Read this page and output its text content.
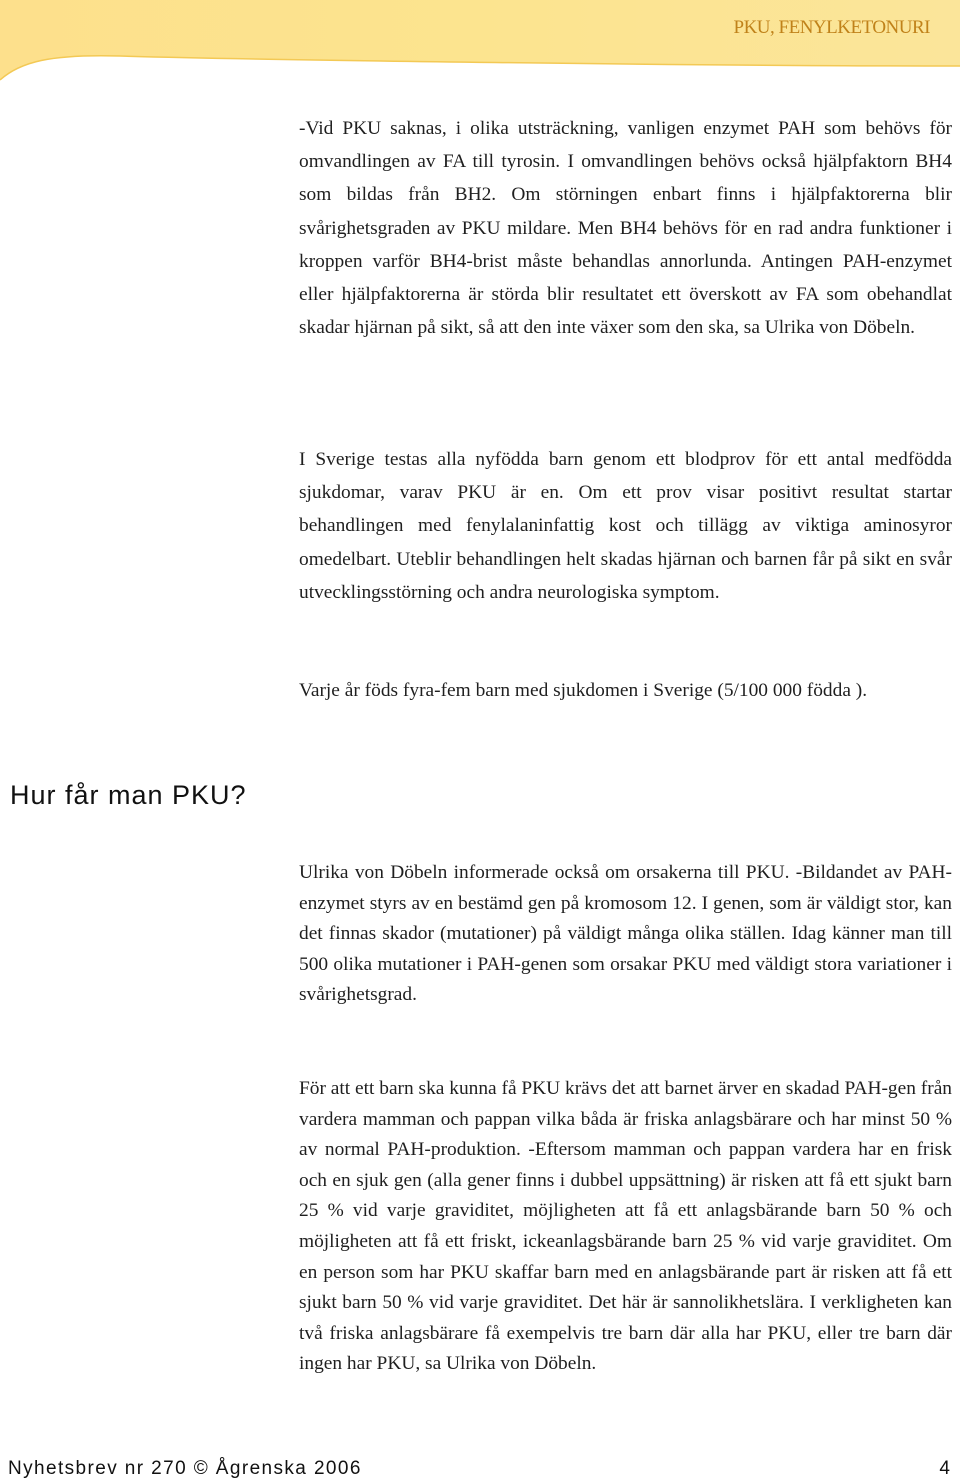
PKU, FENYLKETONURI

-Vid PKU saknas, i olika utsträckning, vanligen enzymet PAH som behövs för omvandlingen av FA till tyrosin. I omvandlingen behövs också hjälpfaktorn BH4 som bildas från BH2. Om störningen enbart finns i hjälpfaktorerna blir svårighetsgraden av PKU mildare. Men BH4 behövs för en rad andra funktioner i kroppen varför BH4-brist måste behandlas annorlunda. Antingen PAH-enzymet eller hjälpfaktorerna är störda blir resultatet ett överskott av FA som obehandlat skadar hjärnan på sikt, så att den inte växer som den ska, sa Ulrika von Döbeln.

I Sverige testas alla nyfödda barn genom ett blodprov för ett antal medfödda sjukdomar, varav PKU är en. Om ett prov visar positivt resultat startar behandlingen med fenylalaninfattig kost och tillägg av viktiga aminosyror omedelbart. Uteblir behandlingen helt skadas hjärnan och barnen får på sikt en svår utvecklingsstörning och andra neurologiska symptom.

Varje år föds fyra-fem barn med sjukdomen i Sverige (5/100 000 födda ).

Hur får man PKU?

Ulrika von Döbeln informerade också om orsakerna till PKU. -Bildandet av PAH-enzymet styrs av en bestämd gen på kromosom 12. I genen, som är väldigt stor, kan det finnas skador (mutationer) på väldigt många olika ställen. Idag känner man till 500 olika mutationer i PAH-genen som orsakar PKU med väldigt stora variationer i svårighetsgrad.

För att ett barn ska kunna få PKU krävs det att barnet ärver en skadad PAH-gen från vardera mamman och pappan vilka båda är friska anlagsbärare och har minst 50 % av normal PAH-produktion. -Eftersom mamman och pappan vardera har en frisk och en sjuk gen (alla gener finns i dubbel uppsättning) är risken att få ett sjukt barn 25 % vid varje graviditet, möjligheten att få ett anlagsbärande barn 50 % och möjligheten att få ett friskt, ickeanlagsbärande barn 25 % vid varje graviditet. Om en person som har PKU skaffar barn med en anlagsbärande part är risken att få ett sjukt barn 50 % vid varje graviditet. Det här är sannolikhetslära. I verkligheten kan två friska anlagsbärare få exempelvis tre barn där alla har PKU, eller tre barn där ingen har PKU, sa Ulrika von Döbeln.

Nyhetsbrev nr 270 © Ågrenska 2006	4
